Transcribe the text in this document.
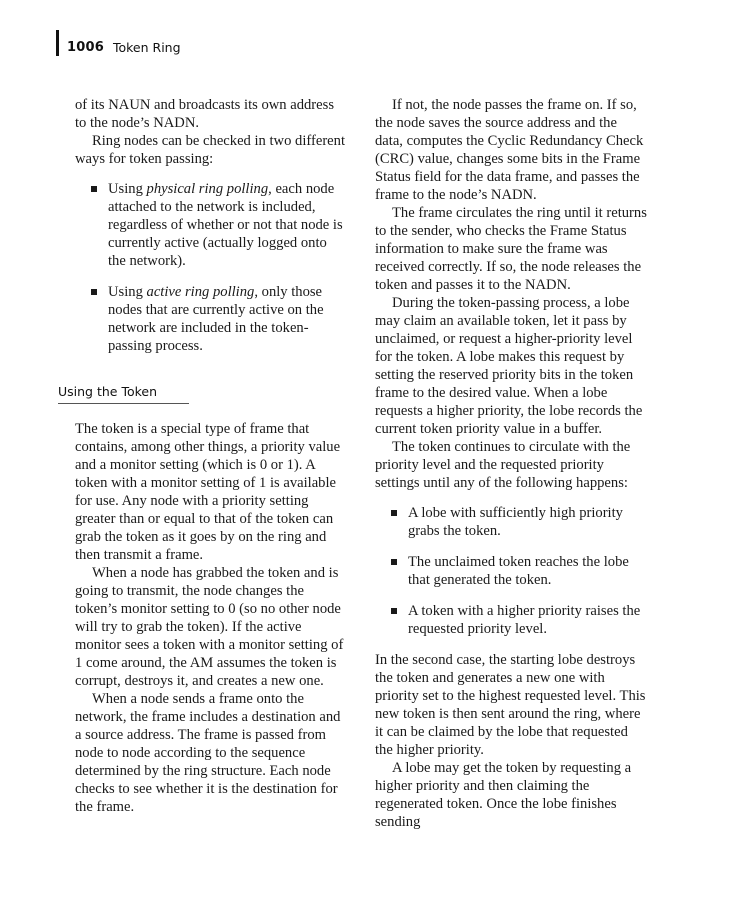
1006 Token Ring

of its NAUN and broadcasts its own address to the node’s NADN.

Ring nodes can be checked in two different ways for token passing:

Using physical ring polling, each node attached to the network is included, regardless of whether or not that node is currently active (actually logged onto the network).
Using active ring polling, only those nodes that are currently active on the network are included in the token-passing process.
Using the Token

The token is a special type of frame that contains, among other things, a priority value and a monitor setting (which is 0 or 1). A token with a monitor setting of 1 is available for use. Any node with a priority setting greater than or equal to that of the token can grab the token as it goes by on the ring and then transmit a frame.

When a node has grabbed the token and is going to transmit, the node changes the token’s monitor setting to 0 (so no other node will try to grab the token). If the active monitor sees a token with a monitor setting of 1 come around, the AM assumes the token is corrupt, destroys it, and creates a new one.

When a node sends a frame onto the network, the frame includes a destination and a source address. The frame is passed from node to node according to the sequence determined by the ring structure. Each node checks to see whether it is the destination for the frame.

If not, the node passes the frame on. If so, the node saves the source address and the data, computes the Cyclic Redundancy Check (CRC) value, changes some bits in the Frame Status field for the data frame, and passes the frame to the node’s NADN.

The frame circulates the ring until it returns to the sender, who checks the Frame Status information to make sure the frame was received correctly. If so, the node releases the token and passes it to the NADN.

During the token-passing process, a lobe may claim an available token, let it pass by unclaimed, or request a higher-priority level for the token. A lobe makes this request by setting the reserved priority bits in the token frame to the desired value. When a lobe requests a higher priority, the lobe records the current token priority value in a buffer.

The token continues to circulate with the priority level and the requested priority settings until any of the following happens:

A lobe with sufficiently high priority grabs the token.
The unclaimed token reaches the lobe that generated the token.
A token with a higher priority raises the requested priority level.

In the second case, the starting lobe destroys the token and generates a new one with priority set to the highest requested level. This new token is then sent around the ring, where it can be claimed by the lobe that requested the higher priority.

A lobe may get the token by requesting a higher priority and then claiming the regenerated token. Once the lobe finishes sending
